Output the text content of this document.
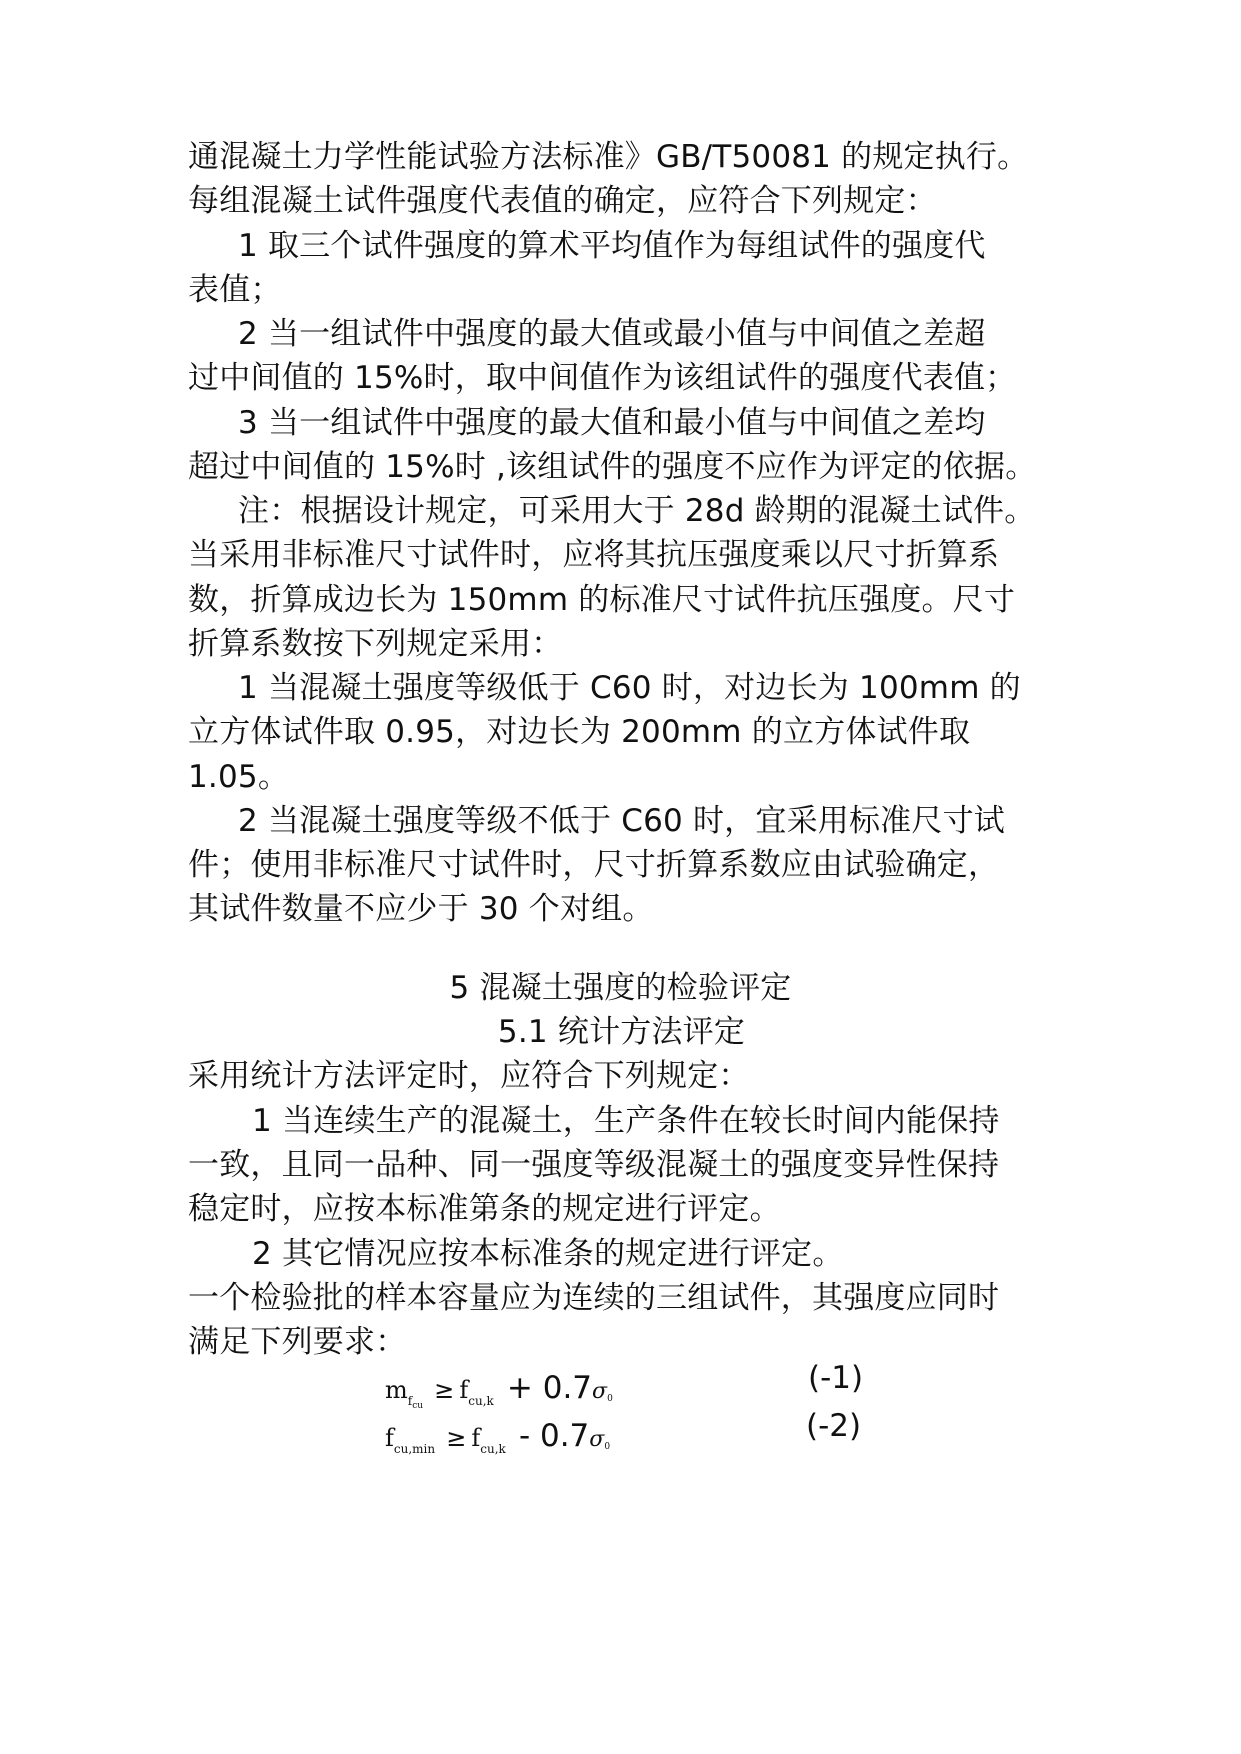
通混凝土力学性能试验方法标准》GB/T50081 的规定执行。
每组混凝土试件强度代表值的确定，应符合下列规定：
1 取三个试件强度的算术平均值作为每组试件的强度代
表值；
2 当一组试件中强度的最大值或最小值与中间值之差超
过中间值的 15%时，取中间值作为该组试件的强度代表值；
3 当一组试件中强度的最大值和最小值与中间值之差均
超过中间值的 15%时 ,该组试件的强度不应作为评定的依据。
注：根据设计规定，可采用大于 28d 龄期的混凝土试件。
当采用非标准尺寸试件时，应将其抗压强度乘以尺寸折算系
数，折算成边长为 150mm 的标准尺寸试件抗压强度。尺寸
折算系数按下列规定采用：
1 当混凝土强度等级低于 C60 时，对边长为 100mm 的
立方体试件取 0.95，对边长为 200mm 的立方体试件取
1.05。
2 当混凝土强度等级不低于 C60 时，宜采用标准尺寸试
件；使用非标准尺寸试件时，尺寸折算系数应由试验确定，
其试件数量不应少于 30 个对组。
5 混凝土强度的检验评定
5.1 统计方法评定
采用统计方法评定时，应符合下列规定：
1 当连续生产的混凝土，生产条件在较长时间内能保持
一致，且同一品种、同一强度等级混凝土的强度变异性保持
稳定时，应按本标准第条的规定进行评定。
2 其它情况应按本标准条的规定进行评定。
一个检验批的样本容量应为连续的三组试件，其强度应同时
满足下列要求：
$m_{f_{cu}} \ge f_{cu,k} + 0.7\sigma_0$
(-1)
$f_{cu,min} \ge f_{cu,k} - 0.7\sigma_0$
(-2)
